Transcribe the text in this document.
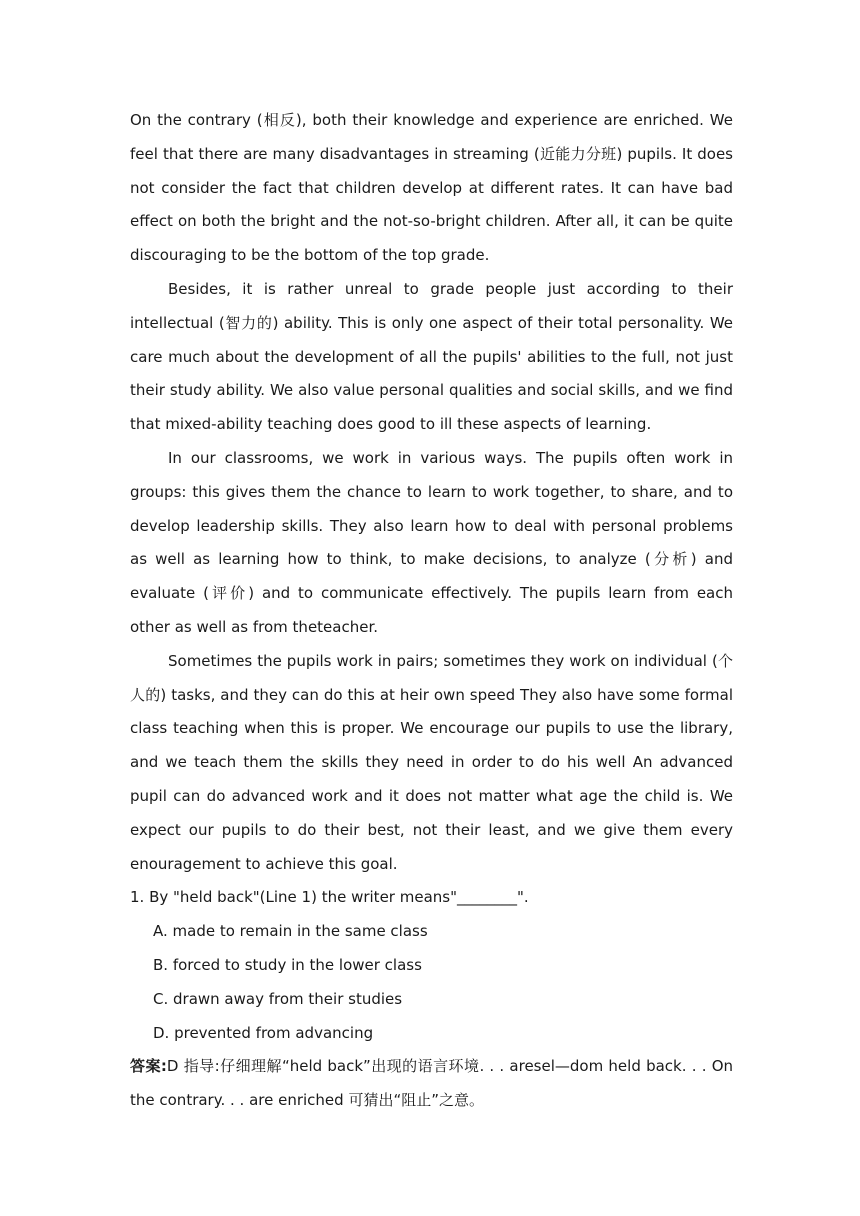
On the contrary (相反), both their knowledge and experience are enriched. We feel that there are many disadvantages in streaming (近能力分班) pupils. It does not consider the fact that children develop at different rates. It can have bad effect on both the bright and the not-so-bright children. After all, it can be quite discouraging to be the bottom of the top grade.

Besides, it is rather unreal to grade people just according to their intellectual (智力的) ability. This is only one aspect of their total personality. We care much about the development of all the pupils' abilities to the full, not just their study ability. We also value personal qualities and social skills, and we find that mixed-ability teaching does good to ill these aspects of learning.

In our classrooms, we work in various ways. The pupils often work in groups: this gives them the chance to learn to work together, to share, and to develop leadership skills. They also learn how to deal with personal problems as well as learning how to think, to make decisions, to analyze (分析) and evaluate (评价) and to communicate effectively. The pupils learn from each other as well as from theteacher.

Sometimes the pupils work in pairs; sometimes they work on individual (个人的) tasks, and they can do this at heir own speed They also have some formal class teaching when this is proper. We encourage our pupils to use the library, and we teach them the skills they need in order to do his well An advanced pupil can do advanced work and it does not matter what age the child is. We expect our pupils to do their best, not their least, and we give them every enouragement to achieve this goal.

1. By "held back"(Line 1) the writer means"________".

A. made to remain in the same class

B. forced to study in the lower class

C. drawn away from their studies

D. prevented from advancing

答案:D 指导:仔细理解“held back”出现的语言环境. . . aresel—dom held back. . . On the contrary. . . are enriched 可猜出“阻止”之意。
